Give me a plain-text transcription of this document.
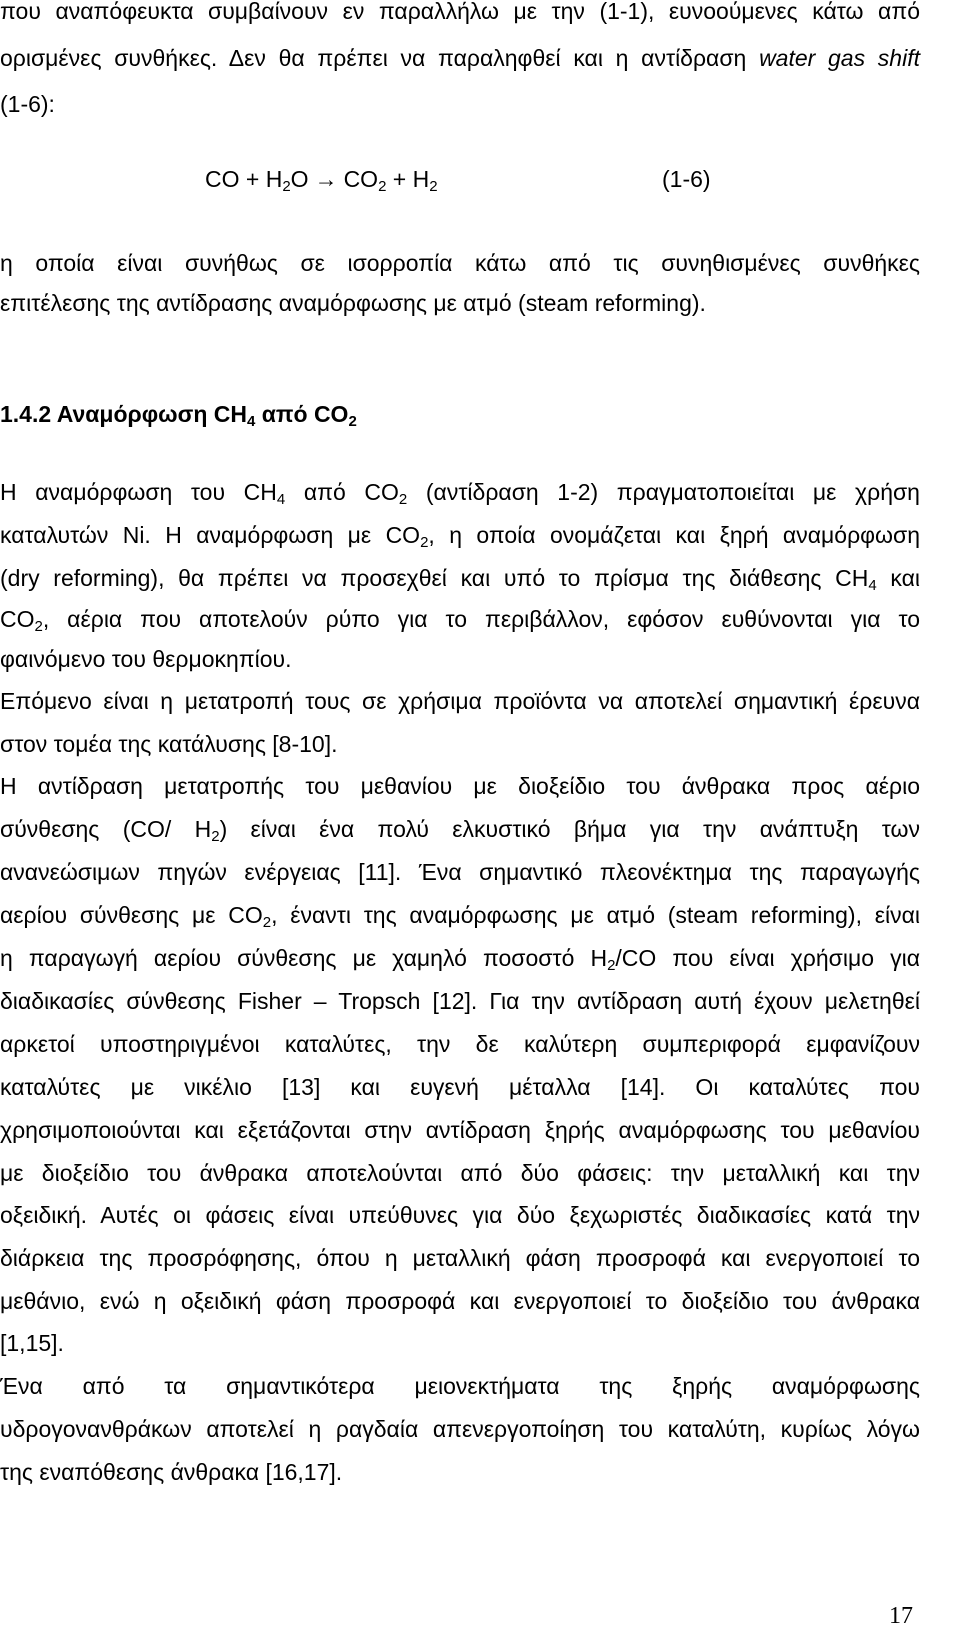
που αναπόφευκτα συμβαίνουν εν παραλλήλω με την (1-1), ευνοούμενες κάτω από

ορισμένες συνθήκες. Δεν θα πρέπει να παραληφθεί και η αντίδραση water gas shift

(1-6):

CO + $H_2O \to CO_2 + H_2$	(1-6)

η οποία είναι συνήθως σε ισορροπία κάτω από τις συνηθισμένες συνθήκες

επιτέλεσης της αντίδρασης αναμόρφωσης με ατμό (steam reforming).

1.4.2 Αναμόρφωση $CH_4$ από $CO_2$

Η αναμόρφωση του $CH_4$ από $CO_2$ (αντίδραση 1-2) πραγματοποιείται με χρήση

καταλυτών Ni. Η αναμόρφωση με $CO_2$, η οποία ονομάζεται και ξηρή αναμόρφωση

(dry reforming), θα πρέπει να προσεχθεί και υπό το πρίσμα της διάθεσης $CH_4$ και

$CO_2$, αέρια που αποτελούν ρύπο για το περιβάλλον, εφόσον ευθύνονται για το

φαινόμενο του θερμοκηπίου.

Επόμενο είναι η μετατροπή τους σε χρήσιμα προϊόντα να αποτελεί σημαντική έρευνα

στον τομέα της κατάλυσης [8-10].

Η αντίδραση μετατροπής του μεθανίου με διοξείδιο του άνθρακα προς αέριο

σύνθεσης (CO/ $H_2$) είναι ένα πολύ ελκυστικό βήμα για την ανάπτυξη των

ανανεώσιμων πηγών ενέργειας [11]. Ένα σημαντικό πλεονέκτημα της παραγωγής

αερίου σύνθεσης με $CO_2$, έναντι της αναμόρφωσης με ατμό (steam reforming), είναι

η παραγωγή αερίου σύνθεσης με χαμηλό ποσοστό $H_2/CO$ που είναι χρήσιμο για

διαδικασίες σύνθεσης Fisher – Tropsch [12]. Για την αντίδραση αυτή έχουν μελετηθεί

αρκετοί υποστηριγμένοι καταλύτες, την δε καλύτερη συμπεριφορά εμφανίζουν

καταλύτες με νικέλιο [13] και ευγενή μέταλλα [14]. Οι καταλύτες που

χρησιμοποιούνται και εξετάζονται στην αντίδραση ξηρής αναμόρφωσης του μεθανίου

με διοξείδιο του άνθρακα αποτελούνται από δύο φάσεις: την μεταλλική και την

οξειδική. Αυτές οι φάσεις είναι υπεύθυνες για δύο ξεχωριστές διαδικασίες κατά την

διάρκεια της προσρόφησης, όπου η μεταλλική φάση προσροφά και ενεργοποιεί το

μεθάνιο, ενώ η οξειδική φάση προσροφά και ενεργοποιεί το διοξείδιο του άνθρακα

[1,15].

Ένα από τα σημαντικότερα μειονεκτήματα της ξηρής αναμόρφωσης

υδρογονανθράκων αποτελεί η ραγδαία απενεργοποίηση του καταλύτη, κυρίως λόγω

της εναπόθεσης άνθρακα [16,17].

17
